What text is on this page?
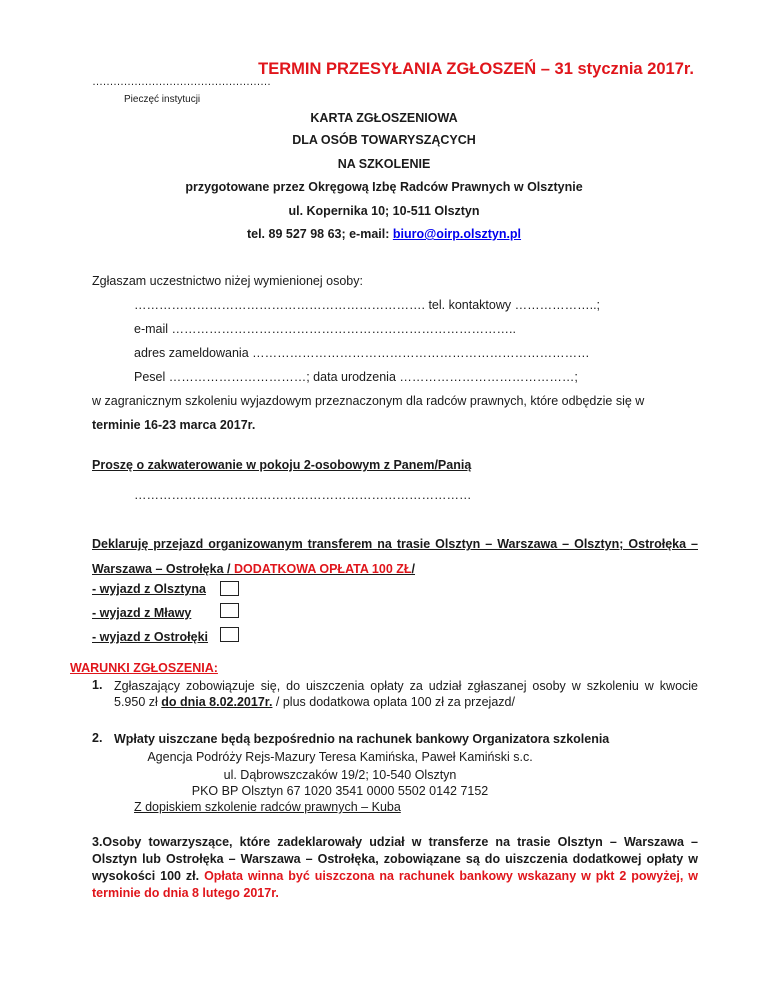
TERMIN PRZESYŁANIA ZGŁOSZEŃ – 31 stycznia 2017r.
……………………………………………
Pieczęć instytucji
KARTA ZGŁOSZENIOWA
DLA OSÓB TOWARYSZĄCYCH
NA SZKOLENIE
przygotowane przez Okręgową Izbę Radców Prawnych w Olsztynie
ul. Kopernika 10; 10-511 Olsztyn
tel. 89 527 98 63; e-mail: biuro@oirp.olsztyn.pl
Zgłaszam uczestnictwo niżej wymienionej osoby:
……………………………………………………………. tel. kontaktowy ………………..;
e-mail ………………………………………………………………………..
adres zameldowania ………………………………………………………………………
Pesel ……………………………; data urodzenia ……………………………………;
w zagranicznym szkoleniu wyjazdowym przeznaczonym dla radców prawnych, które odbędzie się w
terminie 16-23 marca 2017r.
Proszę o zakwaterowanie w pokoju 2-osobowym z Panem/Panią
………………………………………………………………………
Deklaruję przejazd organizowanym transferem na trasie Olsztyn – Warszawa – Olsztyn; Ostrołęka – Warszawa – Ostrołęka / DODATKOWA OPŁATA 100 ZŁ/
- wyjazd z Olsztyna
- wyjazd z Mławy
- wyjazd z Ostrołęki
WARUNKI ZGŁOSZENIA:
1. Zgłaszający zobowiązuje się, do uiszczenia opłaty za udział zgłaszanej osoby w szkoleniu w kwocie 5.950 zł do dnia 8.02.2017r. / plus dodatkowa oplata 100 zł za przejazd/
2. Wpłaty uiszczane będą bezpośrednio na rachunek bankowy Organizatora szkolenia
Agencja Podróży Rejs-Mazury Teresa Kamińska, Paweł Kamiński s.c.
ul. Dąbrowszczaków 19/2; 10-540 Olsztyn
PKO BP Olsztyn 67 1020 3541 0000 5502 0142 7152
Z dopiskiem szkolenie radców prawnych – Kuba
3.Osoby towarzyszące, które zadeklarowały udział w transferze na trasie Olsztyn – Warszawa – Olsztyn lub Ostrołęka – Warszawa – Ostrołęka, zobowiązane są do uiszczenia dodatkowej opłaty w wysokości 100 zł. Opłata winna być uiszczona na rachunek bankowy wskazany w pkt 2 powyżej, w terminie do dnia 8 lutego 2017r.
